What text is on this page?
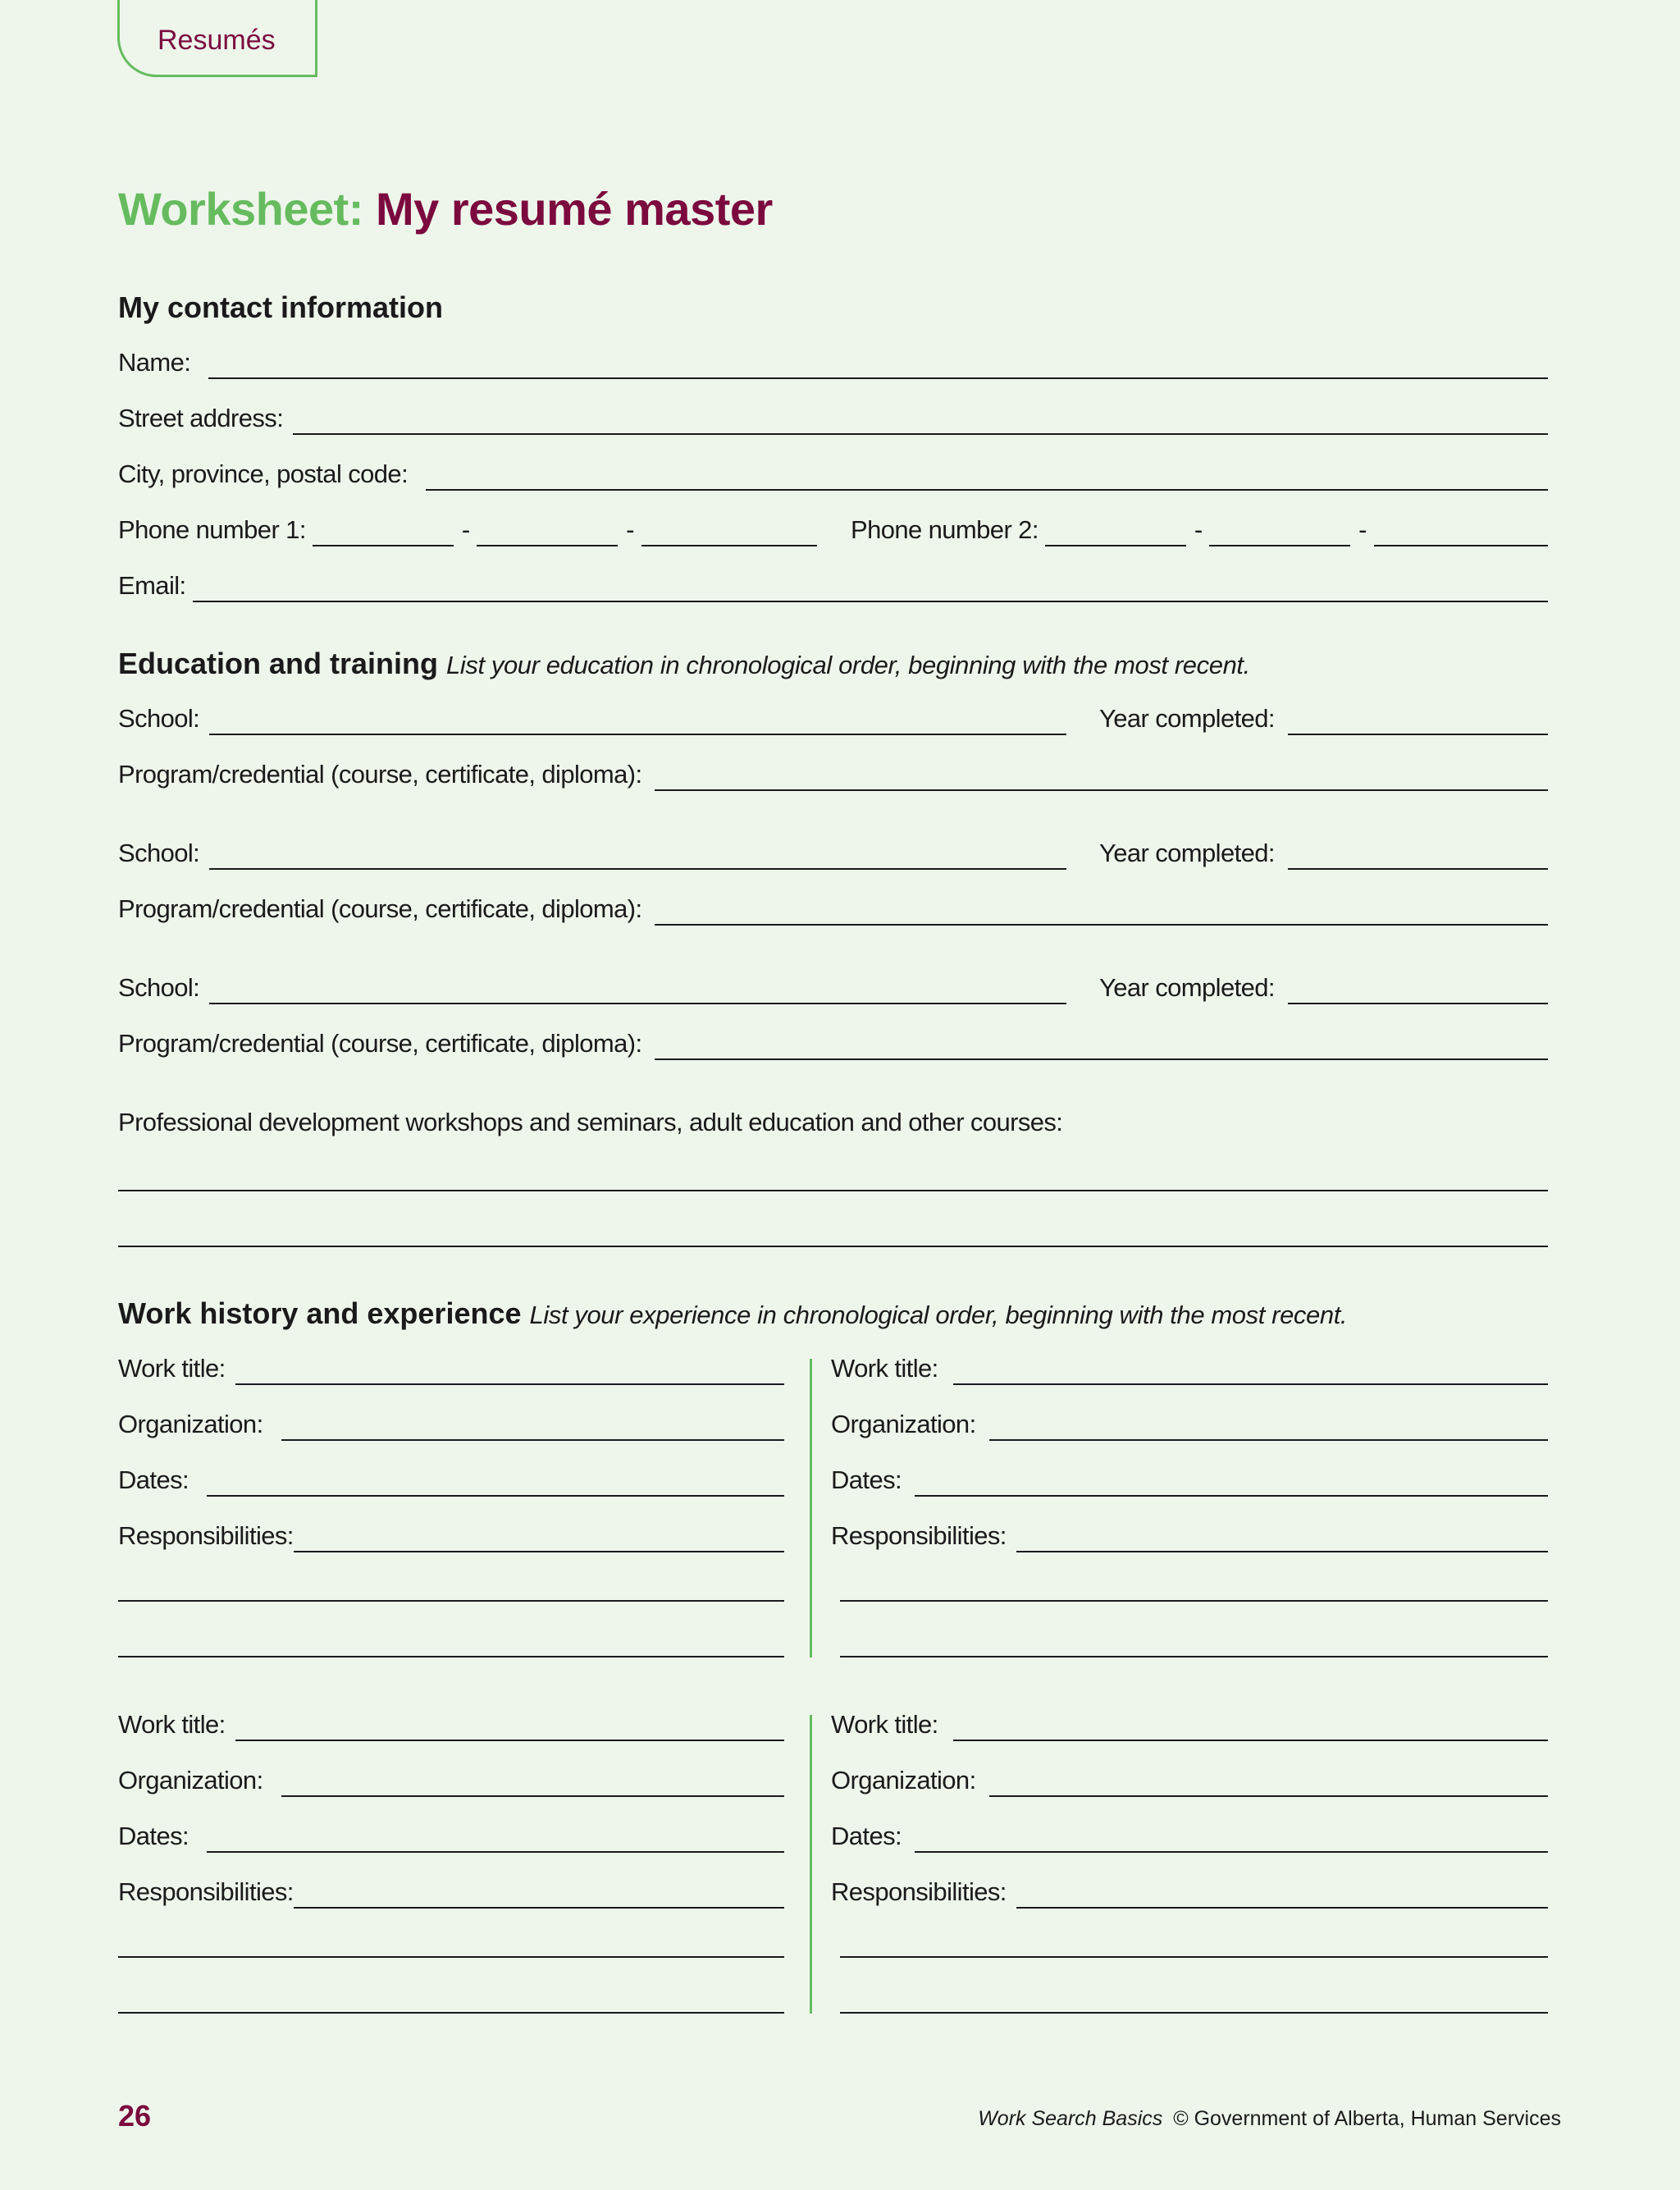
Resumés
Worksheet: My resumé master
My contact information
Name:
Street address:
City, province, postal code:
Phone number 1:	-	-	Phone number 2:	-	-
Email:
Education and training List your education in chronological order, beginning with the most recent.
School:	Year completed:
Program/credential (course, certificate, diploma):
School:	Year completed:
Program/credential (course, certificate, diploma):
School:	Year completed:
Program/credential (course, certificate, diploma):
Professional development workshops and seminars, adult education and other courses:
Work history and experience List your experience in chronological order, beginning with the most recent.
Work title:
Organization:
Dates:
Responsibilities:
Work title:
Organization:
Dates:
Responsibilities:
Work title:
Organization:
Dates:
Responsibilities:
Work title:
Organization:
Dates:
Responsibilities:
26	Work Search Basics © Government of Alberta, Human Services
